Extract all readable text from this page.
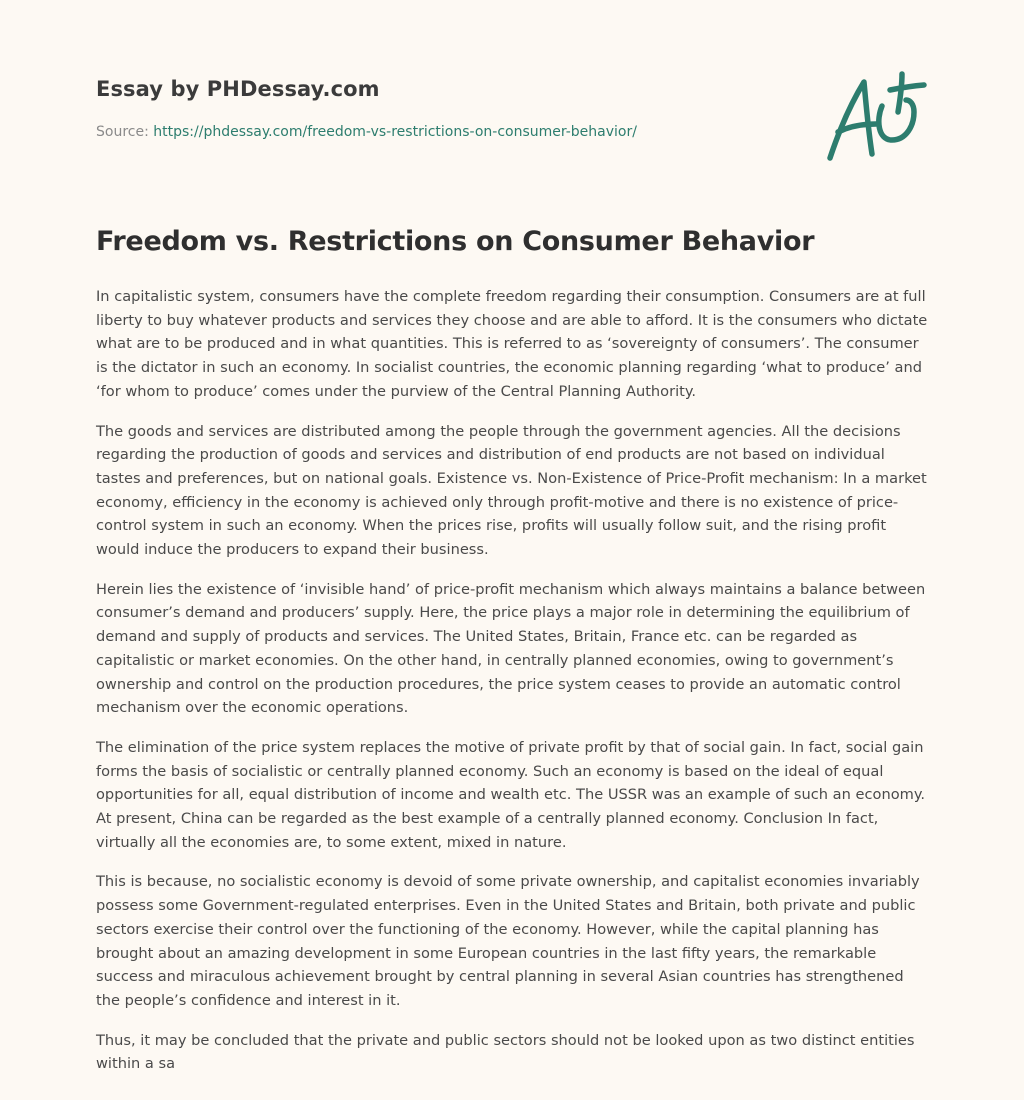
Essay by PHDessay.com
Source: https://phdessay.com/freedom-vs-restrictions-on-consumer-behavior/
Freedom vs. Restrictions on Consumer Behavior

In capitalistic system, consumers have the complete freedom regarding their consumption. Consumers are at full liberty to buy whatever products and services they choose and are able to afford. It is the consumers who dictate what are to be produced and in what quantities. This is referred to as ‘sovereignty of consumers’. The consumer is the dictator in such an economy. In socialist countries, the economic planning regarding ‘what to produce’ and ‘for whom to produce’ comes under the purview of the Central Planning Authority.

The goods and services are distributed among the people through the government agencies. All the decisions regarding the production of goods and services and distribution of end products are not based on individual tastes and preferences, but on national goals. Existence vs. Non-Existence of Price-Profit mechanism: In a market economy, efficiency in the economy is achieved only through profit-motive and there is no existence of price-control system in such an economy. When the prices rise, profits will usually follow suit, and the rising profit would induce the producers to expand their business.

Herein lies the existence of ‘invisible hand’ of price-profit mechanism which always maintains a balance between consumer’s demand and producers’ supply. Here, the price plays a major role in determining the equilibrium of demand and supply of products and services. The United States, Britain, France etc. can be regarded as capitalistic or market economies. On the other hand, in centrally planned economies, owing to government’s ownership and control on the production procedures, the price system ceases to provide an automatic control mechanism over the economic operations.

The elimination of the price system replaces the motive of private profit by that of social gain. In fact, social gain forms the basis of socialistic or centrally planned economy. Such an economy is based on the ideal of equal opportunities for all, equal distribution of income and wealth etc. The USSR was an example of such an economy. At present, China can be regarded as the best example of a centrally planned economy. Conclusion In fact, virtually all the economies are, to some extent, mixed in nature.

This is because, no socialistic economy is devoid of some private ownership, and capitalist economies invariably possess some Government-regulated enterprises. Even in the United States and Britain, both private and public sectors exercise their control over the functioning of the economy. However, while the capital planning has brought about an amazing development in some European countries in the last fifty years, the remarkable success and miraculous achievement brought by central planning in several Asian countries has strengthened the people’s confidence and interest in it.

Thus, it may be concluded that the private and public sectors should not be looked upon as two distinct entities within a sa
